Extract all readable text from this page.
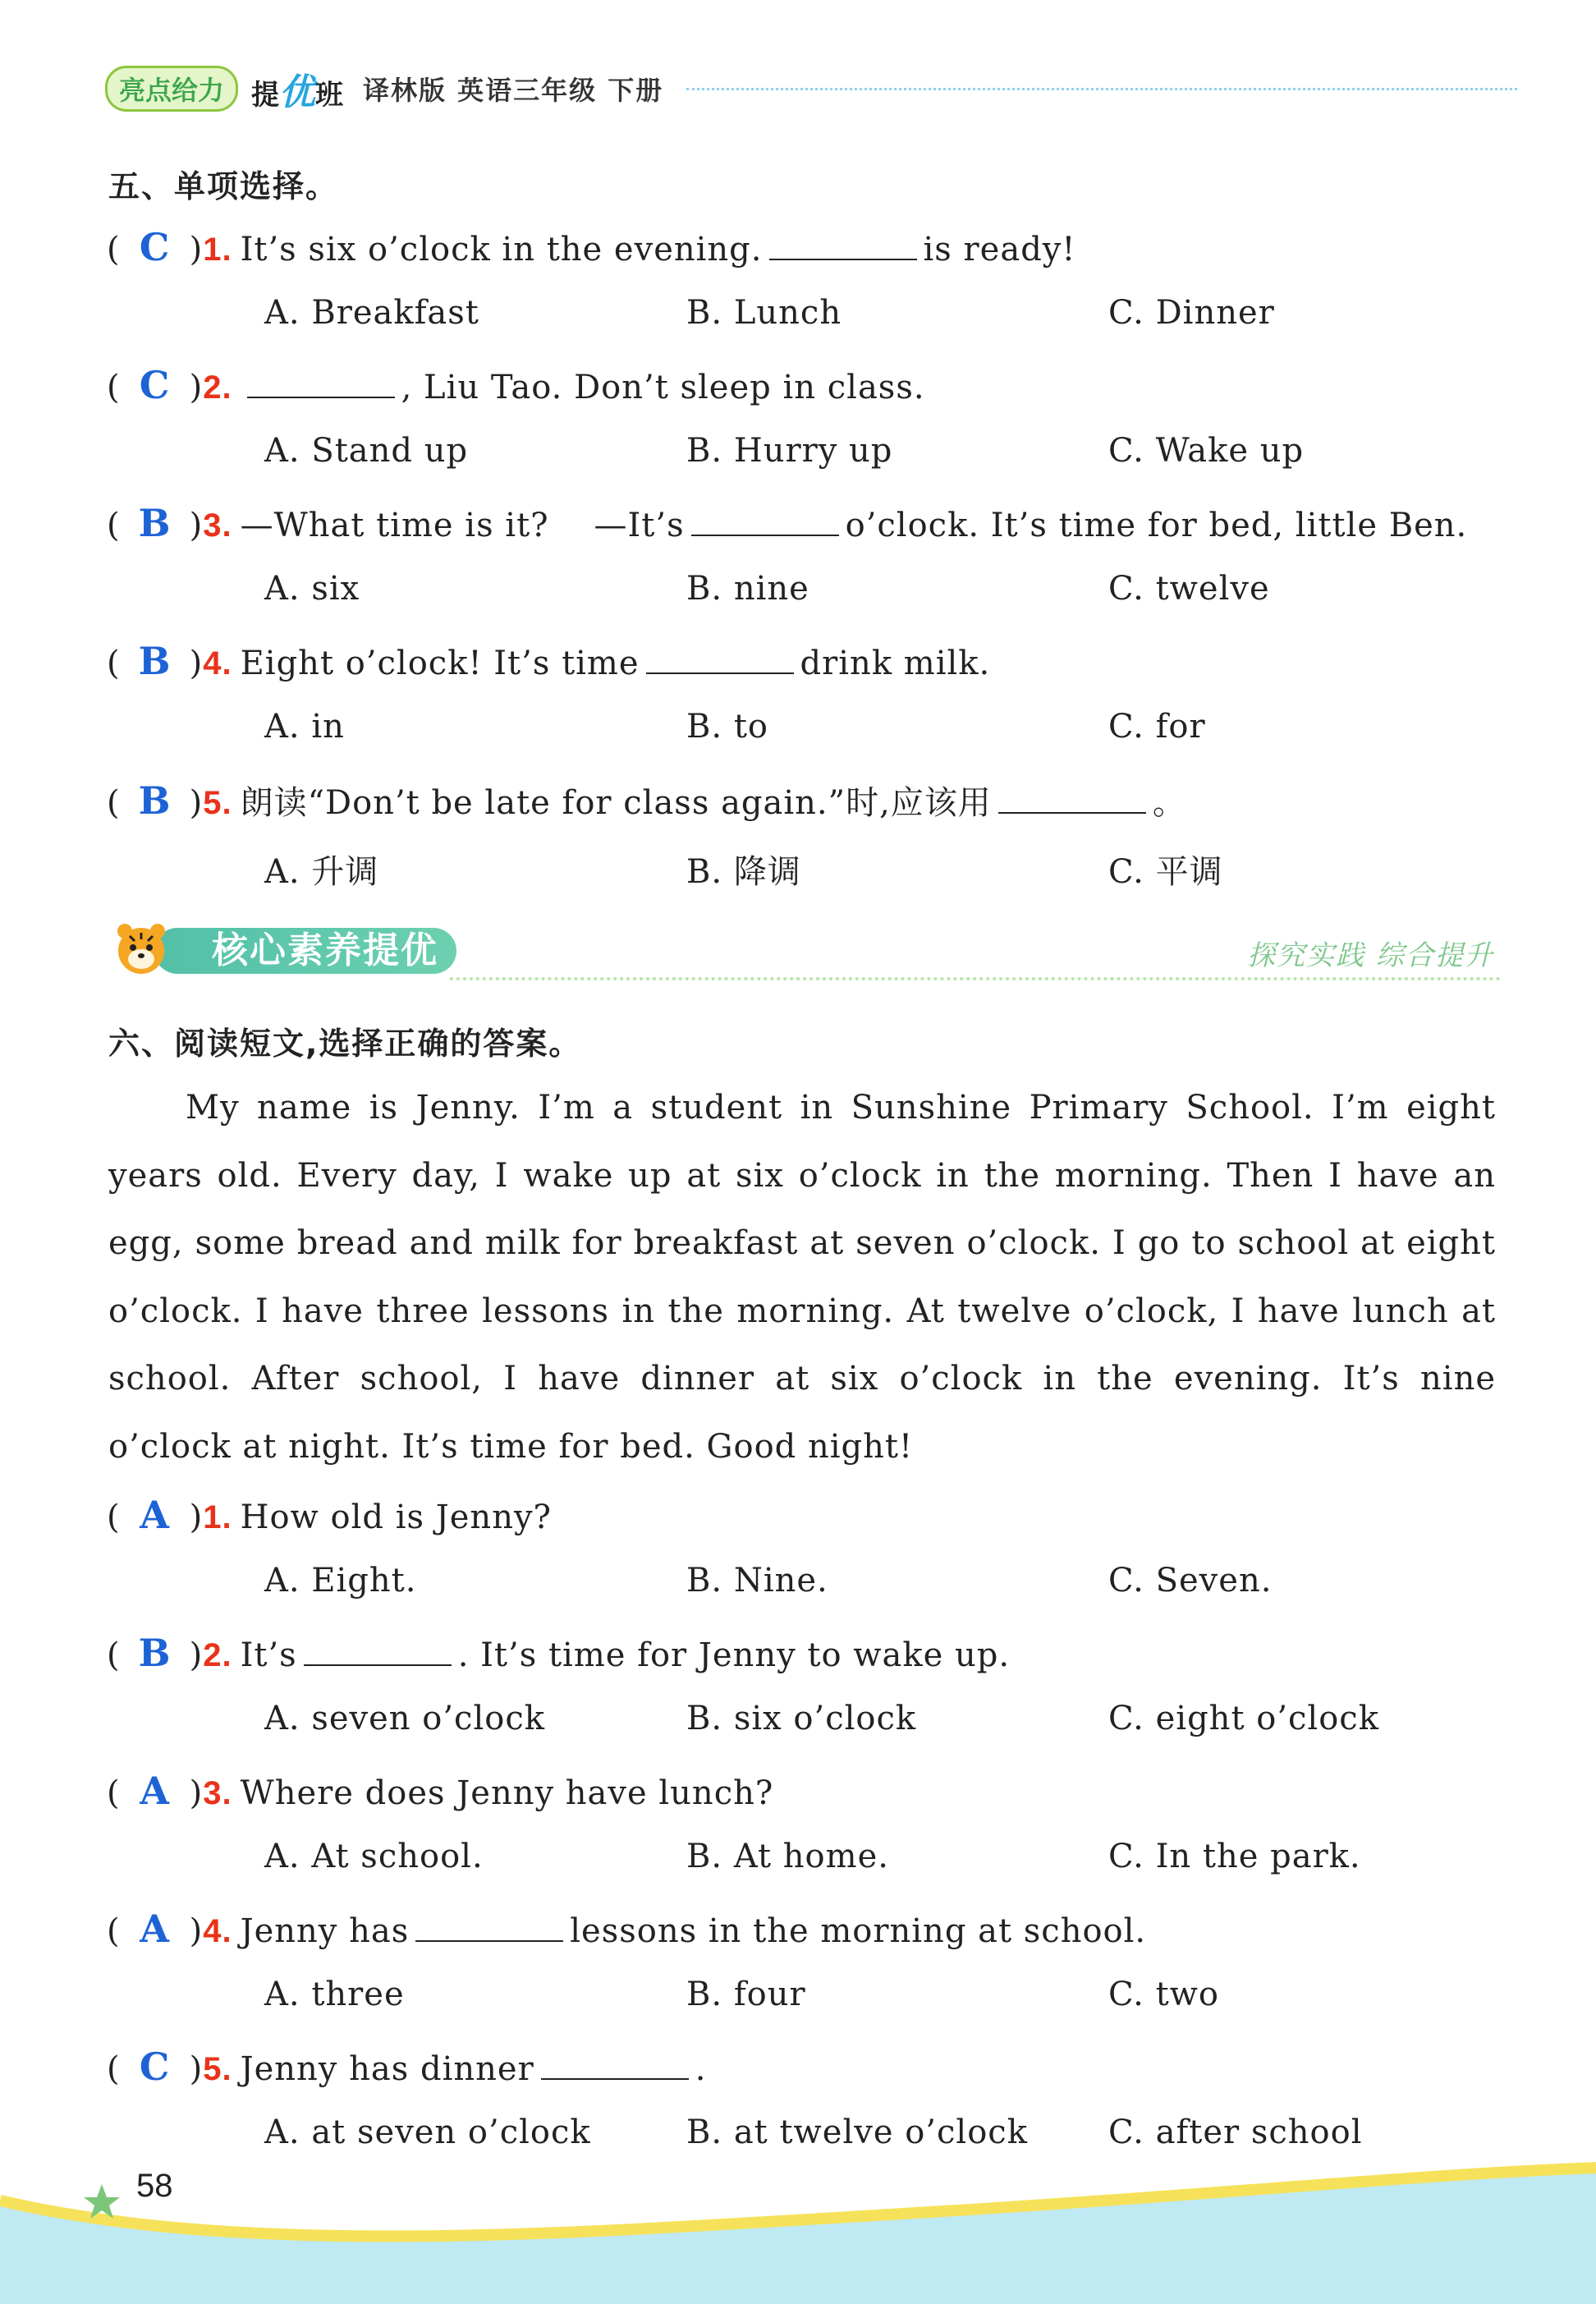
亮点给力 提优班 译林版 英语三年级 下册
五、单项选择。
( C )1. It’s six o’clock in the evening.	is ready!
A. Breakfast	B. Lunch	C. Dinner
( C )2.	, Liu Tao. Don’t sleep in class.
A. Stand up	B. Hurry up	C. Wake up
( B )3. —What time is it?    —It’s	o’clock. It’s time for bed, little Ben.
A. six	B. nine	C. twelve
( B )4. Eight o’clock! It’s time	drink milk.
A. in	B. to	C. for
( B )5. 朗读“Don’t be late for class again.”时,应该用	。
A. 升调	B. 降调	C. 平调
核心素养提优	探究实践 综合提升
六、阅读短文,选择正确的答案。
My name is Jenny. I’m a student in Sunshine Primary School. I’m eight years old. Every day, I wake up at six o’clock in the morning. Then I have an egg, some bread and milk for breakfast at seven o’clock. I go to school at eight o’clock. I have three lessons in the morning. At twelve o’clock, I have lunch at school. After school, I have dinner at six o’clock in the evening. It’s nine o’clock at night. It’s time for bed. Good night!
( A )1. How old is Jenny?
A. Eight.	B. Nine.	C. Seven.
( B )2. It’s	. It’s time for Jenny to wake up.
A. seven o’clock	B. six o’clock	C. eight o’clock
( A )3. Where does Jenny have lunch?
A. At school.	B. At home.	C. In the park.
( A )4. Jenny has	lessons in the morning at school.
A. three	B. four	C. two
( C )5. Jenny has dinner	.
A. at seven o’clock	B. at twelve o’clock C. after school
58
